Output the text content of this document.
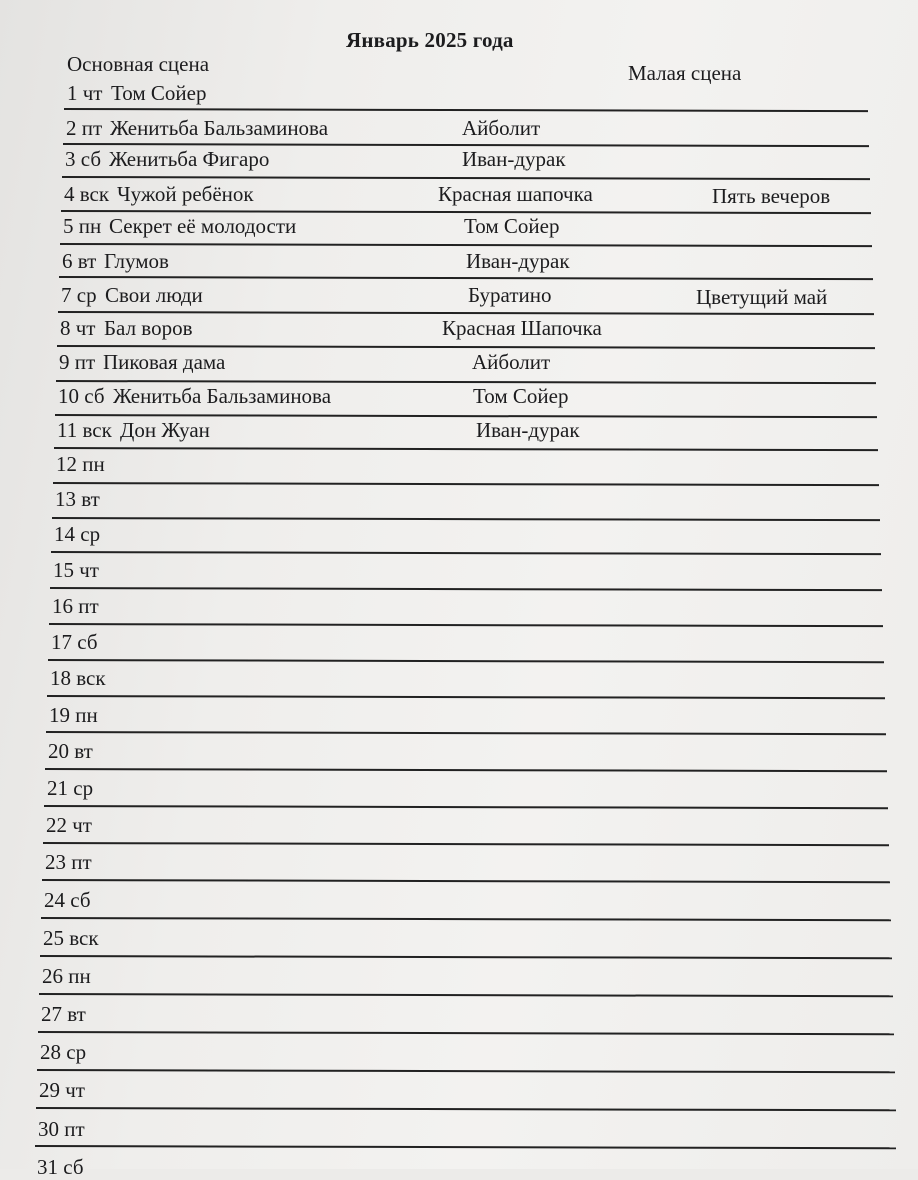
Январь 2025 года
Основная сцена	Малая сцена
1 чт Том Сойер
2 пт Женитьба Бальзаминова	Айболит
3 сб Женитьба Фигаро	Иван-дурак
4 вск Чужой ребёнок	Красная шапочка	Пять вечеров
5 пн Секрет её молодости	Том Сойер
6 вт Глумов	Иван-дурак
7 ср Свои люди	Буратино	Цветущий май
8 чт Бал воров	Красная Шапочка
9 пт Пиковая дама	Айболит
10 сб Женитьба Бальзаминова	Том Сойер
11 вск Дон Жуан	Иван-дурак
12 пн
13 вт
14 ср
15 чт
16 пт
17 сб
18 вск
19 пн
20 вт
21 ср
22 чт
23 пт
24 сб
25 вск
26 пн
27 вт
28 ср
29 чт
30 пт
31 сб
